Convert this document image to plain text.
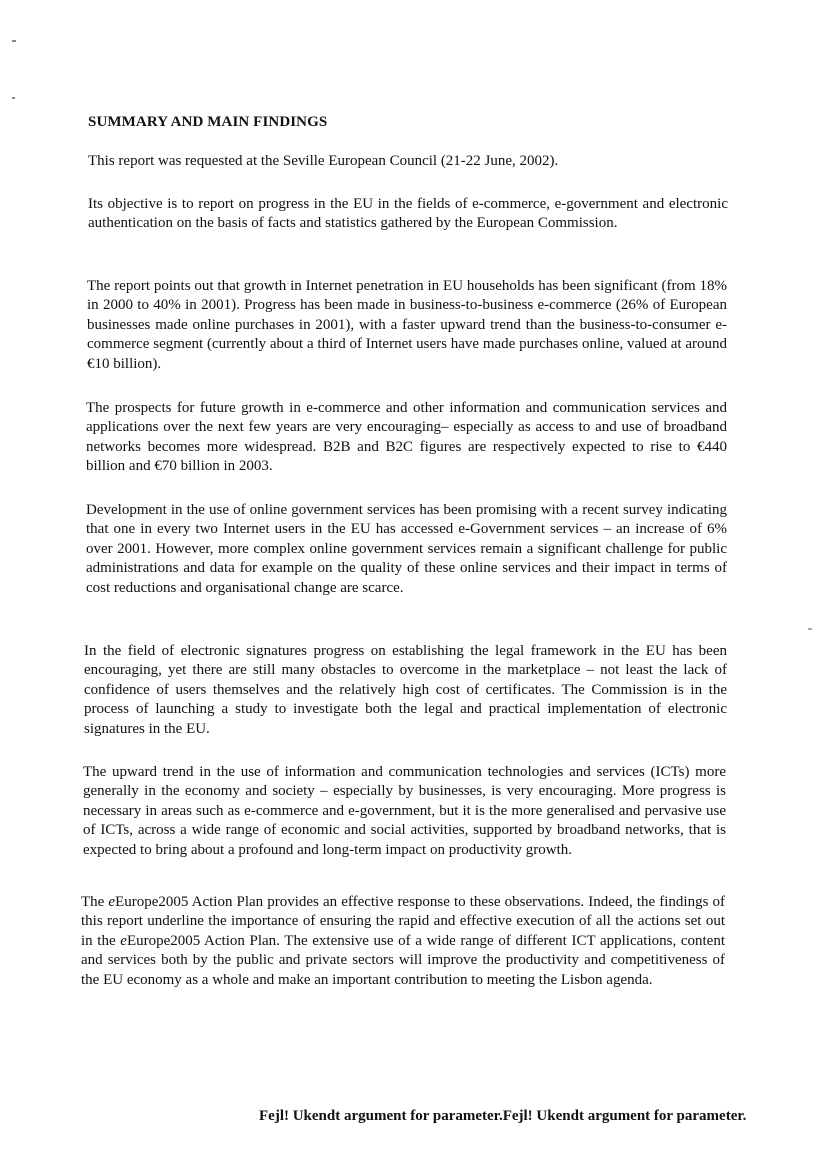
SUMMARY AND MAIN FINDINGS

This report was requested at the Seville European Council (21-22 June, 2002).

Its objective is to report on progress in the EU in the fields of e-commerce, e-government and electronic authentication on the basis of facts and statistics gathered by the European Commission.

The report points out that growth in Internet penetration in EU households has been significant (from 18% in 2000 to 40% in 2001). Progress has been made in business-to-business e-commerce (26% of European businesses made online purchases in 2001), with a faster upward trend than the business-to-consumer e-commerce segment (currently about a third of Internet users have made purchases online, valued at around €10 billion).

The prospects for future growth in e-commerce and other information and communication services and applications over the next few years are very encouraging– especially as access to and use of broadband networks becomes more widespread. B2B and B2C figures are respectively expected to rise to €440 billion and €70 billion in 2003.

Development in the use of online government services has been promising with a recent survey indicating that one in every two Internet users in the EU has accessed e-Government services – an increase of 6% over 2001. However, more complex online government services remain a significant challenge for public administrations and data for example on the quality of these online services and their impact in terms of cost reductions and organisational change are scarce.

In the field of electronic signatures progress on establishing the legal framework in the EU has been encouraging, yet there are still many obstacles to overcome in the marketplace – not least the lack of confidence of users themselves and the relatively high cost of certificates. The Commission is in the process of launching a study to investigate both the legal and practical implementation of electronic signatures in the EU.

The upward trend in the use of information and communication technologies and services (ICTs) more generally in the economy and society – especially by businesses, is very encouraging. More progress is necessary in areas such as e-commerce and e-government, but it is the more generalised and pervasive use of ICTs, across a wide range of economic and social activities, supported by broadband networks, that is expected to bring about a profound and long-term impact on productivity growth.

The eEurope2005 Action Plan provides an effective response to these observations. Indeed, the findings of this report underline the importance of ensuring the rapid and effective execution of all the actions set out in the eEurope2005 Action Plan. The extensive use of a wide range of different ICT applications, content and services both by the public and private sectors will improve the productivity and competitiveness of the EU economy as a whole and make an important contribution to meeting the Lisbon agenda.

Fejl! Ukendt argument for parameter.Fejl! Ukendt argument for parameter.
